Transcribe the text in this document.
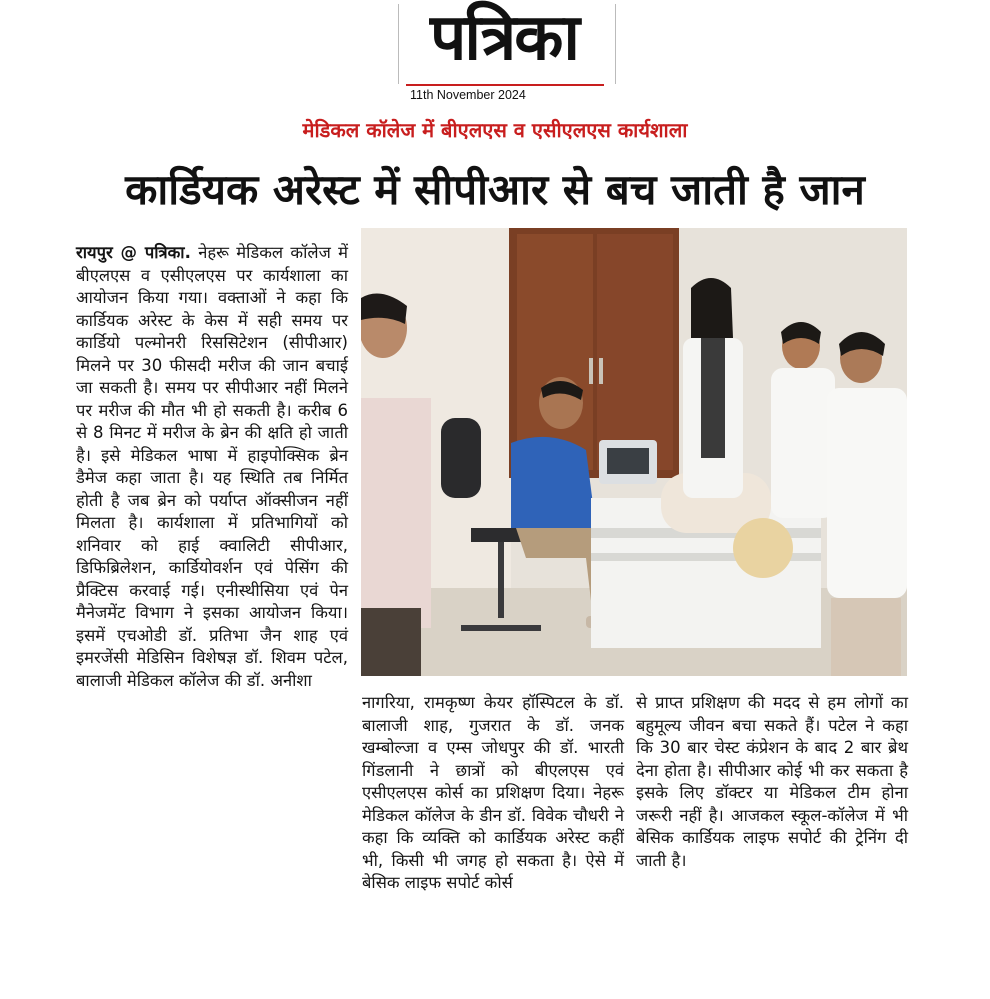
पत्रिका
11th November 2024
मेडिकल कॉलेज में बीएलएस व एसीएलएस कार्यशाला
कार्डियक अरेस्ट में सीपीआर से बच जाती है जान

रायपुर @ पत्रिका. नेहरू मेडिकल कॉलेज में बीएलएस व एसीएलएस पर कार्यशाला का आयोजन किया गया। वक्ताओं ने कहा कि कार्डियक अरेस्ट के केस में सही समय पर कार्डियो पल्मोनरी रिससिटेशन (सीपीआर) मिलने पर 30 फीसदी मरीज की जान बचाई जा सकती है। समय पर सीपीआर नहीं मिलने पर मरीज की मौत भी हो सकती है। करीब 6 से 8 मिनट में मरीज के ब्रेन की क्षति हो जाती है। इसे मेडिकल भाषा में हाइपोक्सिक ब्रेन डैमेज कहा जाता है। यह स्थिति तब निर्मित होती है जब ब्रेन को पर्याप्त ऑक्सीजन नहीं मिलता है। कार्यशाला में प्रतिभागियों को शनिवार को हाई क्वालिटी सीपीआर, डिफिब्रिलेशन, कार्डियोवर्शन एवं पेसिंग की प्रैक्टिस करवाई गई। एनीस्थीसिया एवं पेन मैनेजमेंट विभाग ने इसका आयोजन किया। इसमें एचओडी डॉ. प्रतिभा जैन शाह एवं इमरजेंसी मेडिसिन विशेषज्ञ डॉ. शिवम पटेल, बालाजी मेडिकल कॉलेज की डॉ. अनीशा

नागरिया, रामकृष्ण केयर हॉस्पिटल के डॉ. बालाजी शाह, गुजरात के डॉ. जनक खम्बोल्जा व एम्स जोधपुर की डॉ. भारती गिंडलानी ने छात्रों को बीएलएस एवं एसीएलएस कोर्स का प्रशिक्षण दिया। नेहरू मेडिकल कॉलेज के डीन डॉ. विवेक चौधरी ने कहा कि व्यक्ति को कार्डियक अरेस्ट कहीं भी, किसी भी जगह हो सकता है। ऐसे में बेसिक लाइफ सपोर्ट कोर्स

से प्राप्त प्रशिक्षण की मदद से हम लोगों का बहुमूल्य जीवन बचा सकते हैं। पटेल ने कहा कि 30 बार चेस्ट कंप्रेशन के बाद 2 बार ब्रेथ देना होता है। सीपीआर कोई भी कर सकता है इसके लिए डॉक्टर या मेडिकल टीम होना जरूरी नहीं है। आजकल स्कूल-कॉलेज में भी बेसिक कार्डियक लाइफ सपोर्ट की ट्रेनिंग दी जाती है।
